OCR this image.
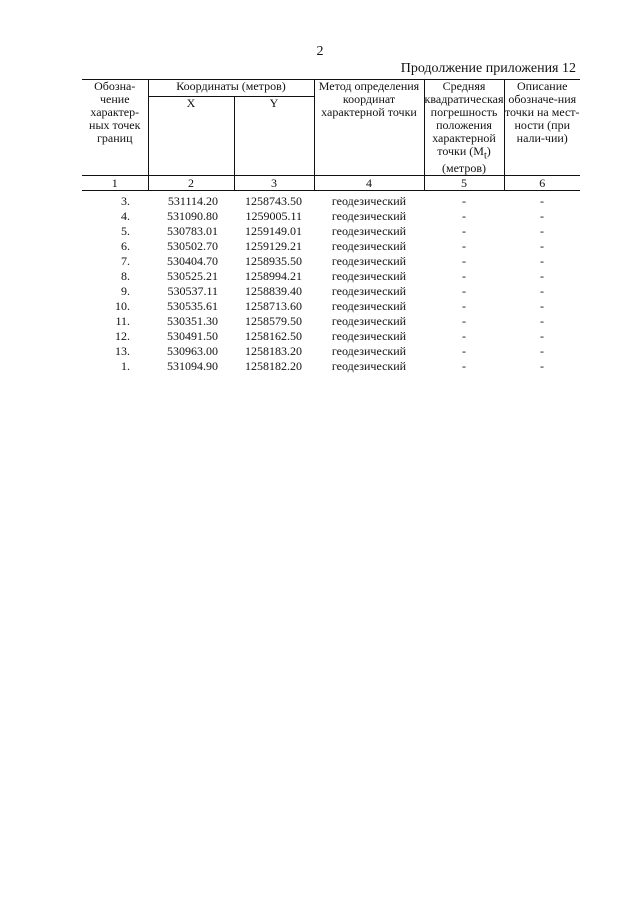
2
Продолжение приложения 12
Обозна-чение характер-ных точек границ	Координаты (метров)		Метод определения координат характерной точки	Средняя квадратическая погрешность положения характерной точки $(M_t)$ (метров)	Описание обозначе-ния точки на мест-ности (при нали-чии)
	X	Y			
1	2	3	4	5	6
3.	531114.20	1258743.50	геодезический	-	-
4.	531090.80	1259005.11	геодезический	-	-
5.	530783.01	1259149.01	геодезический	-	-
6.	530502.70	1259129.21	геодезический	-	-
7.	530404.70	1258935.50	геодезический	-	-
8.	530525.21	1258994.21	геодезический	-	-
9.	530537.11	1258839.40	геодезический	-	-
10.	530535.61	1258713.60	геодезический	-	-
11.	530351.30	1258579.50	геодезический	-	-
12.	530491.50	1258162.50	геодезический	-	-
13.	530963.00	1258183.20	геодезический	-	-
1.	531094.90	1258182.20	геодезический	-	-
